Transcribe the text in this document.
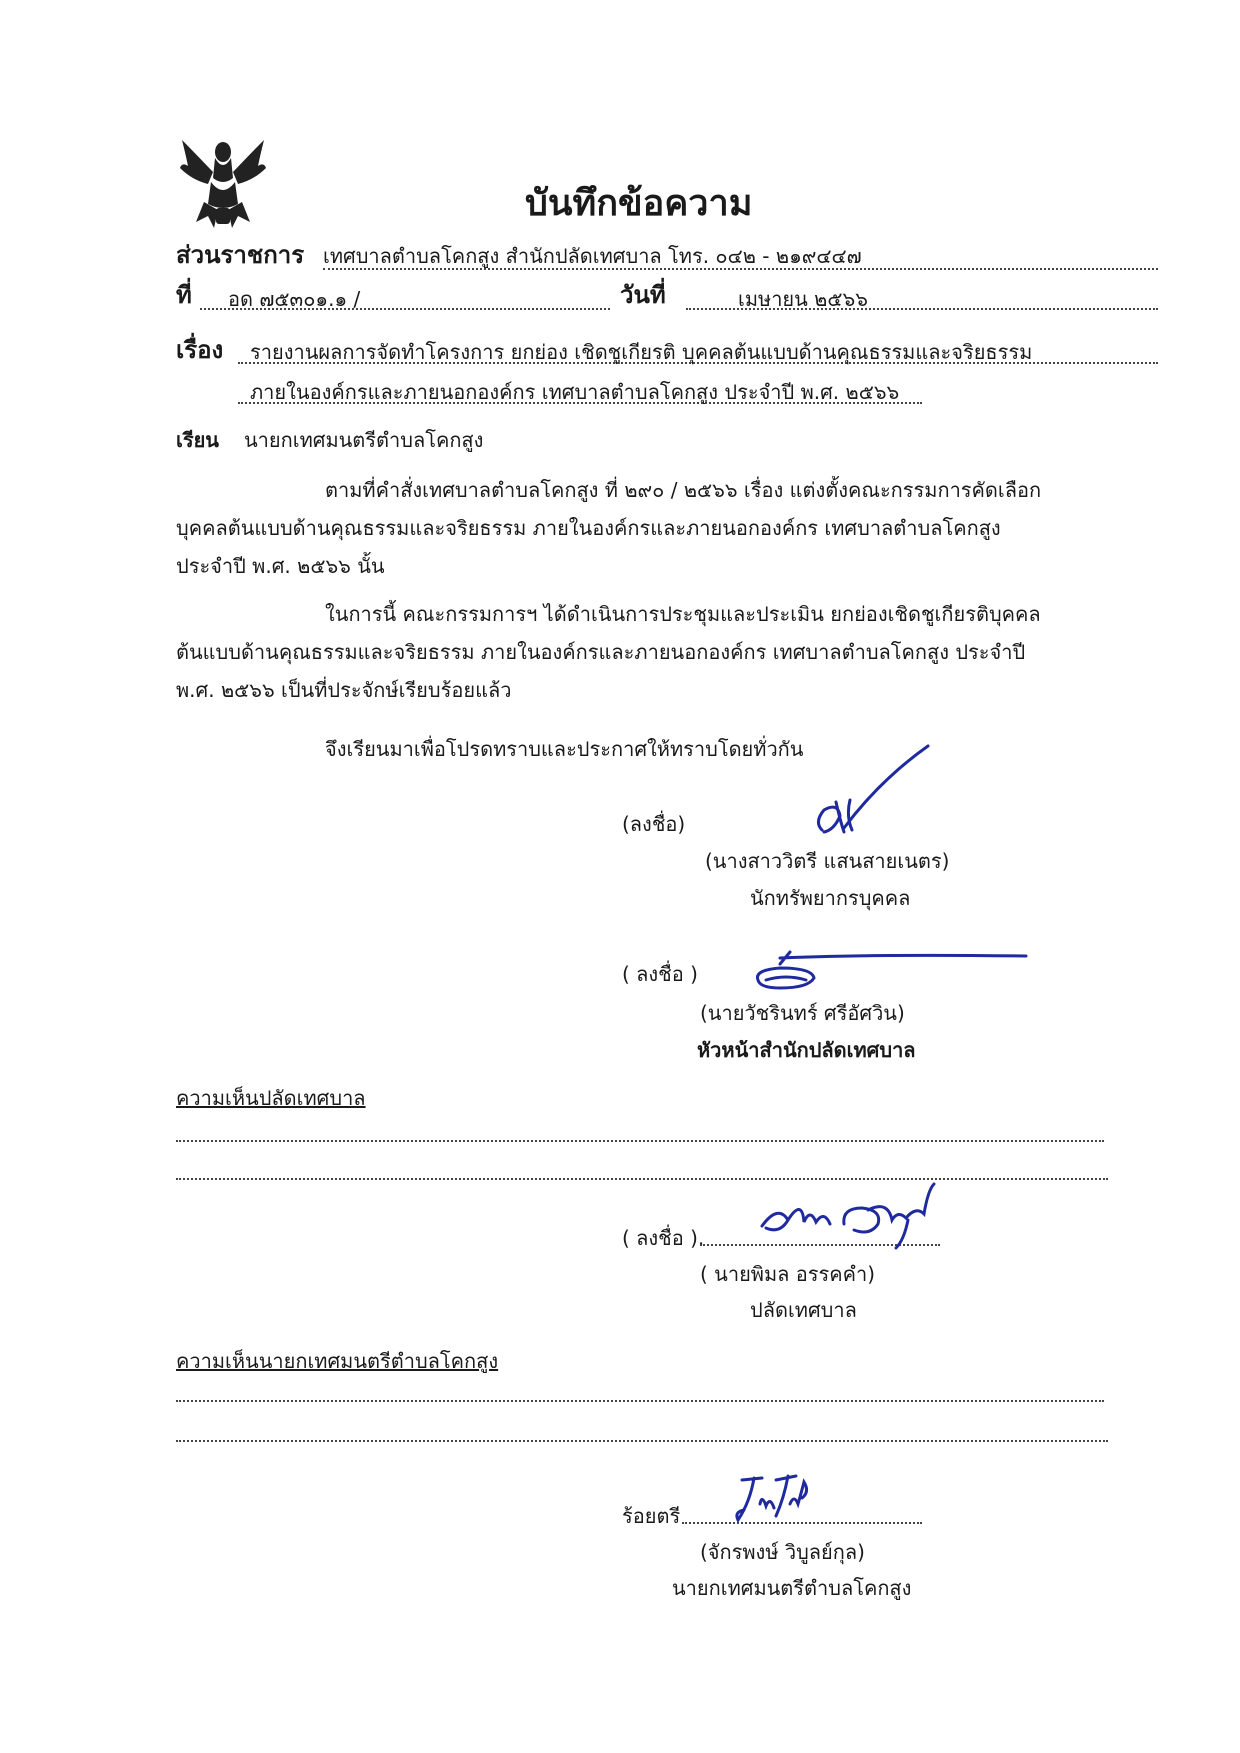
บันทึกข้อความ
ส่วนราชการ เทศบาลตำบลโคกสูง สำนักปลัดเทศบาล โทร. ๐๔๒ - ๒๑๙๔๔๗
ที่ อด ๗๕๓๐๑.๑ /	วันที่	เมษายน ๒๕๖๖
เรื่อง รายงานผลการจัดทำโครงการ ยกย่อง เชิดชูเกียรติ บุคคลต้นแบบด้านคุณธรรมและจริยธรรม
ภายในองค์กรและภายนอกองค์กร เทศบาลตำบลโคกสูง ประจำปี พ.ศ. ๒๕๖๖
เรียน นายกเทศมนตรีตำบลโคกสูง
ตามที่คำสั่งเทศบาลตำบลโคกสูง ที่ ๒๙๐ / ๒๕๖๖ เรื่อง แต่งตั้งคณะกรรมการคัดเลือก
บุคคลต้นแบบด้านคุณธรรมและจริยธรรม ภายในองค์กรและภายนอกองค์กร เทศบาลตำบลโคกสูง
ประจำปี พ.ศ. ๒๕๖๖ นั้น
ในการนี้ คณะกรรมการฯ ได้ดำเนินการประชุมและประเมิน ยกย่องเชิดชูเกียรติบุคคล
ต้นแบบด้านคุณธรรมและจริยธรรม ภายในองค์กรและภายนอกองค์กร เทศบาลตำบลโคกสูง ประจำปี
พ.ศ. ๒๕๖๖ เป็นที่ประจักษ์เรียบร้อยแล้ว
จึงเรียนมาเพื่อโปรดทราบและประกาศให้ทราบโดยทั่วกัน
(ลงชื่อ)
(นางสาววิตรี แสนสายเนตร)
นักทรัพยากรบุคคล
( ลงชื่อ )
(นายวัชรินทร์ ศรีอัศวิน)
หัวหน้าสำนักปลัดเทศบาล
ความเห็นปลัดเทศบาล
( ลงชื่อ ).
( นายพิมล อรรคคำ)
ปลัดเทศบาล
ความเห็นนายกเทศมนตรีตำบลโคกสูง
ร้อยตรี
(จักรพงษ์ วิบูลย์กุล)
นายกเทศมนตรีตำบลโคกสูง
